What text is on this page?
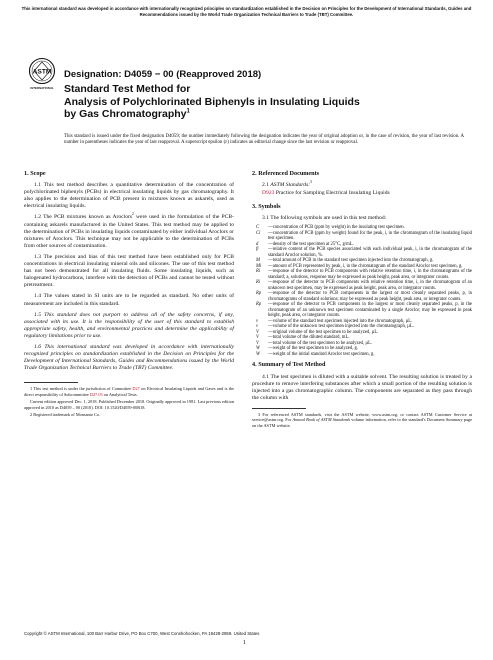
This international standard was developed in accordance with internationally recognized principles on standardization established in the Decision on Principles for the Development of International Standards, Guides and Recommendations issued by the World Trade Organization Technical Barriers to Trade (TBT) Committee.
ASTM
INTERNATIONAL
Designation: D4059 − 00 (Reapproved 2018)
Standard Test Method for
Analysis of Polychlorinated Biphenyls in Insulating Liquids
by Gas Chromatography$^1$
This standard is issued under the fixed designation D4059; the number immediately following the designation indicates the year of original adoption or, in the case of revision, the year of last revision. A number in parentheses indicates the year of last reapproval. A superscript epsilon (ε) indicates an editorial change since the last revision or reapproval.
1. Scope

1.1 This test method describes a quantitative determination of the concentration of polychlorinated biphenyls (PCBs) in electrical insulating liquids by gas chromatography. It also applies to the determination of PCB present in mixtures known as askarels, used as electrical insulating liquids.

1.2 The PCB mixtures known as Aroclors$^2$ were used in the formulation of the PCB-containing askarels manufactured in the United States. This test method may be applied to the determination of PCBs in insulating liquids contaminated by either individual Aroclors or mixtures of Aroclors. This technique may not be applicable to the determination of PCBs from other sources of contamination.

1.3 The precision and bias of this test method have been established only for PCB concentrations in electrical insulating mineral oils and silicones. The use of this test method has not been demonstrated for all insulating fluids. Some insulating liquids, such as halogenated hydrocarbons, interfere with the detection of PCBs and cannot be tested without pretreatment.

1.4 The values stated in SI units are to be regarded as standard. No other units of measurement are included in this standard.

1.5 This standard does not purport to address all of the safety concerns, if any, associated with its use. It is the responsibility of the user of this standard to establish appropriate safety, health, and environmental practices and determine the applicability of regulatory limitations prior to use.

1.6 This international standard was developed in accordance with internationally recognized principles on standardization established in the Decision on Principles for the Development of International Standards, Guides and Recommendations issued by the World Trade Organization Technical Barriers to Trade (TBT) Committee.

1 This test method is under the jurisdiction of Committee D27 on Electrical Insulating Liquids and Gases and is the direct responsibility of Subcommittee D27.03 on Analytical Tests.

Current edition approved Dec. 1, 2018. Published December 2018. Originally approved in 1981. Last previous edition approved in 2010 as D4059 – 00 (2010). DOI: 10.1520/D4059-00R18.

2 Registered trademark of Monsanto Co.

2. Referenced Documents

2.1 ASTM Standards:$^3$

D923 Practice for Sampling Electrical Insulating Liquids

3. Symbols

3.1 The following symbols are used in this test method:

C	—concentration of PCB (ppm by weight) in the insulating test specimen.
Ci	—concentration of PCB (ppm by weight) found for the peak, i, in the chromatogram of the insulating liquid test specimen.
d	—density of the test specimen at 25°C, g/mL.
fi	—relative content of the PCB species associated with each individual peak, i, in the chromatogram of the standard Aroclor solution, %.
M	—total amount of PCB in the standard test specimen injected into the chromatograph, g.
Mi	—amount of PCB represented by peak, i, in the chromatogram of the standard Aroclor test specimen, g.
Ri	—response of the detector to PCB components with relative retention time, i, in the chromatograms of the standard; a, solutions, response may be expressed as peak height, peak area, or integrator counts.
Ri	—response of the detector to PCB components with relative retention time, i, in the chromatogram of an unknown test specimen, may be expressed as peak height, peak area, or integrator counts.
Rp	—response of the detector to PCB components in the largest or most cleanly separated peaks, p, in chromatograms of standard solutions; may be expressed as peak height, peak area, or integrator counts.
Rp	—response of the detector to PCB components in the largest or most cleanly separated peaks, p, in the chromatogram of an unknown test specimen contaminated by a single Aroclor; may be expressed in peak height, peak area, or integrator counts.
v	—volume of the standard test specimen injected into the chromatograph, µL.
v	—volume of the unknown test specimen injected into the chromatograph, µL.
V	—original volume of the test specimen to be analyzed, µL.
V	—total volume of the diluted standard, mL.
V	—total volume of the test specimen to be analyzed, µL.
W	—weight of the test specimen to be analyzed, g.
W	—weight of the initial standard Aroclor test specimen, g.
4. Summary of Test Method

4.1 The test specimen is diluted with a suitable solvent. The resulting solution is treated by a procedure to remove interfering substances after which a small portion of the resulting solution is injected into a gas chromatographic column. The components are separated as they pass through the column with

3 For referenced ASTM standards, visit the ASTM website, www.astm.org, or contact ASTM Customer Service at service@astm.org. For Annual Book of ASTM Standards volume information, refer to the standard's Document Summary page on the ASTM website.

Copyright © ASTM International, 100 Barr Harbor Drive, PO Box C700, West Conshohocken, PA 19428-2959. United States
1
